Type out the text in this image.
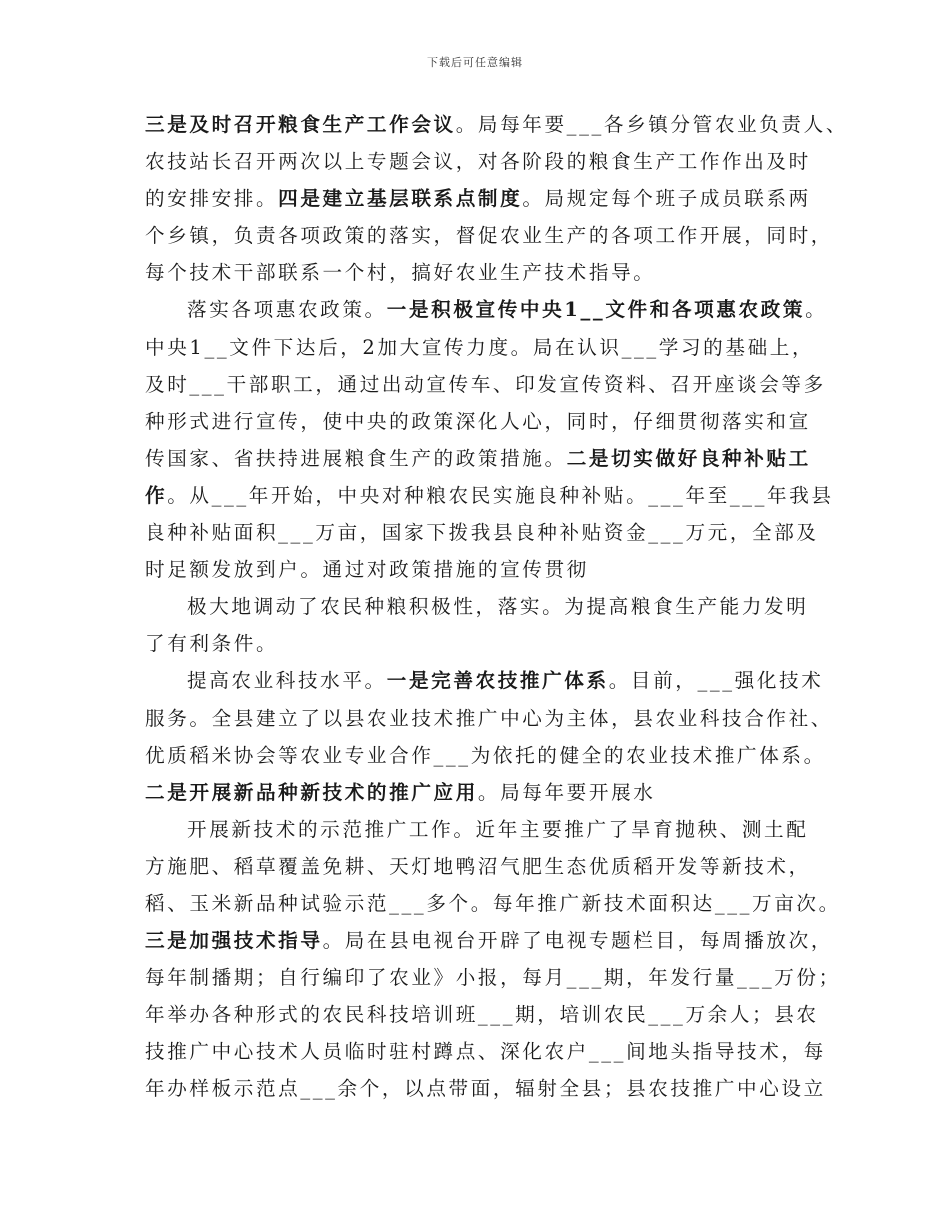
下载后可任意编辑
三是及时召开粮食生产工作会议。局每年要___各乡镇分管农业负责人、
农技站长召开两次以上专题会议，对各阶段的粮食生产工作作出及时
的安排安排。四是建立基层联系点制度。局规定每个班子成员联系两
个乡镇，负责各项政策的落实，督促农业生产的各项工作开展，同时，
每个技术干部联系一个村，搞好农业生产技术指导。
落实各项惠农政策。一是积极宣传中央1__文件和各项惠农政策。
中央1__文件下达后，2加大宣传力度。局在认识___学习的基础上，
及时___干部职工，通过出动宣传车、印发宣传资料、召开座谈会等多
种形式进行宣传，使中央的政策深化人心，同时，仔细贯彻落实和宣
传国家、省扶持进展粮食生产的政策措施。二是切实做好良种补贴工
作。从___年开始，中央对种粮农民实施良种补贴。___年至___年我县
良种补贴面积___万亩，国家下拨我县良种补贴资金___万元，全部及
时足额发放到户。通过对政策措施的宣传贯彻
极大地调动了农民种粮积极性，落实。为提高粮食生产能力发明
了有利条件。
提高农业科技水平。一是完善农技推广体系。目前，___强化技术
服务。全县建立了以县农业技术推广中心为主体，县农业科技合作社、
优质稻米协会等农业专业合作___为依托的健全的农业技术推广体系。
二是开展新品种新技术的推广应用。局每年要开展水
开展新技术的示范推广工作。近年主要推广了旱育抛秧、测土配
方施肥、稻草覆盖免耕、天灯地鸭沼气肥生态优质稻开发等新技术，
稻、玉米新品种试验示范___多个。每年推广新技术面积达___万亩次。
三是加强技术指导。局在县电视台开辟了电视专题栏目，每周播放次，
每年制播期；自行编印了农业》小报，每月___期，年发行量___万份；
年举办各种形式的农民科技培训班___期，培训农民___万余人；县农
技推广中心技术人员临时驻村蹲点、深化农户___间地头指导技术，每
年办样板示范点___余个，以点带面，辐射全县；县农技推广中心设立
